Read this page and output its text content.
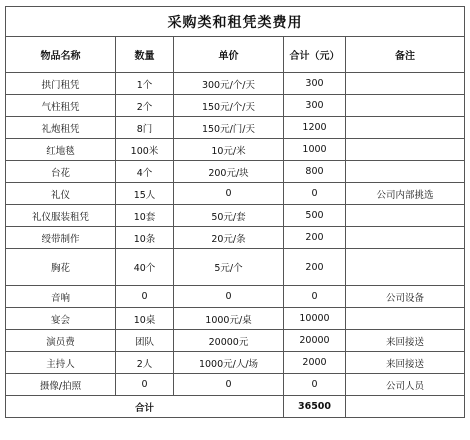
采购类和租凭类费用				
物品名称	数量	单价	合计（元）	备注
拱门租凭	1个	300元/个/天	300	
气柱租凭	2个	150元/个/天	300	
礼炮租凭	8门	150元/门/天	1200	
红地毯	100米	10元/米	1000	
台花	4个	200元/块	800	
礼仪	15人	0	0	公司内部挑选
礼仪服装租凭	10套	50元/套	500	
绶带制作	10条	20元/条	200	
胸花	40个	5元/个	200	
音响	0	0	0	公司设备
宴会	10桌	1000元/桌	10000	
演员费	团队	20000元	20000	来回接送
主持人	2人	1000元/人/场	2000	来回接送
摄像/拍照	0	0	0	公司人员
合计			36500	
